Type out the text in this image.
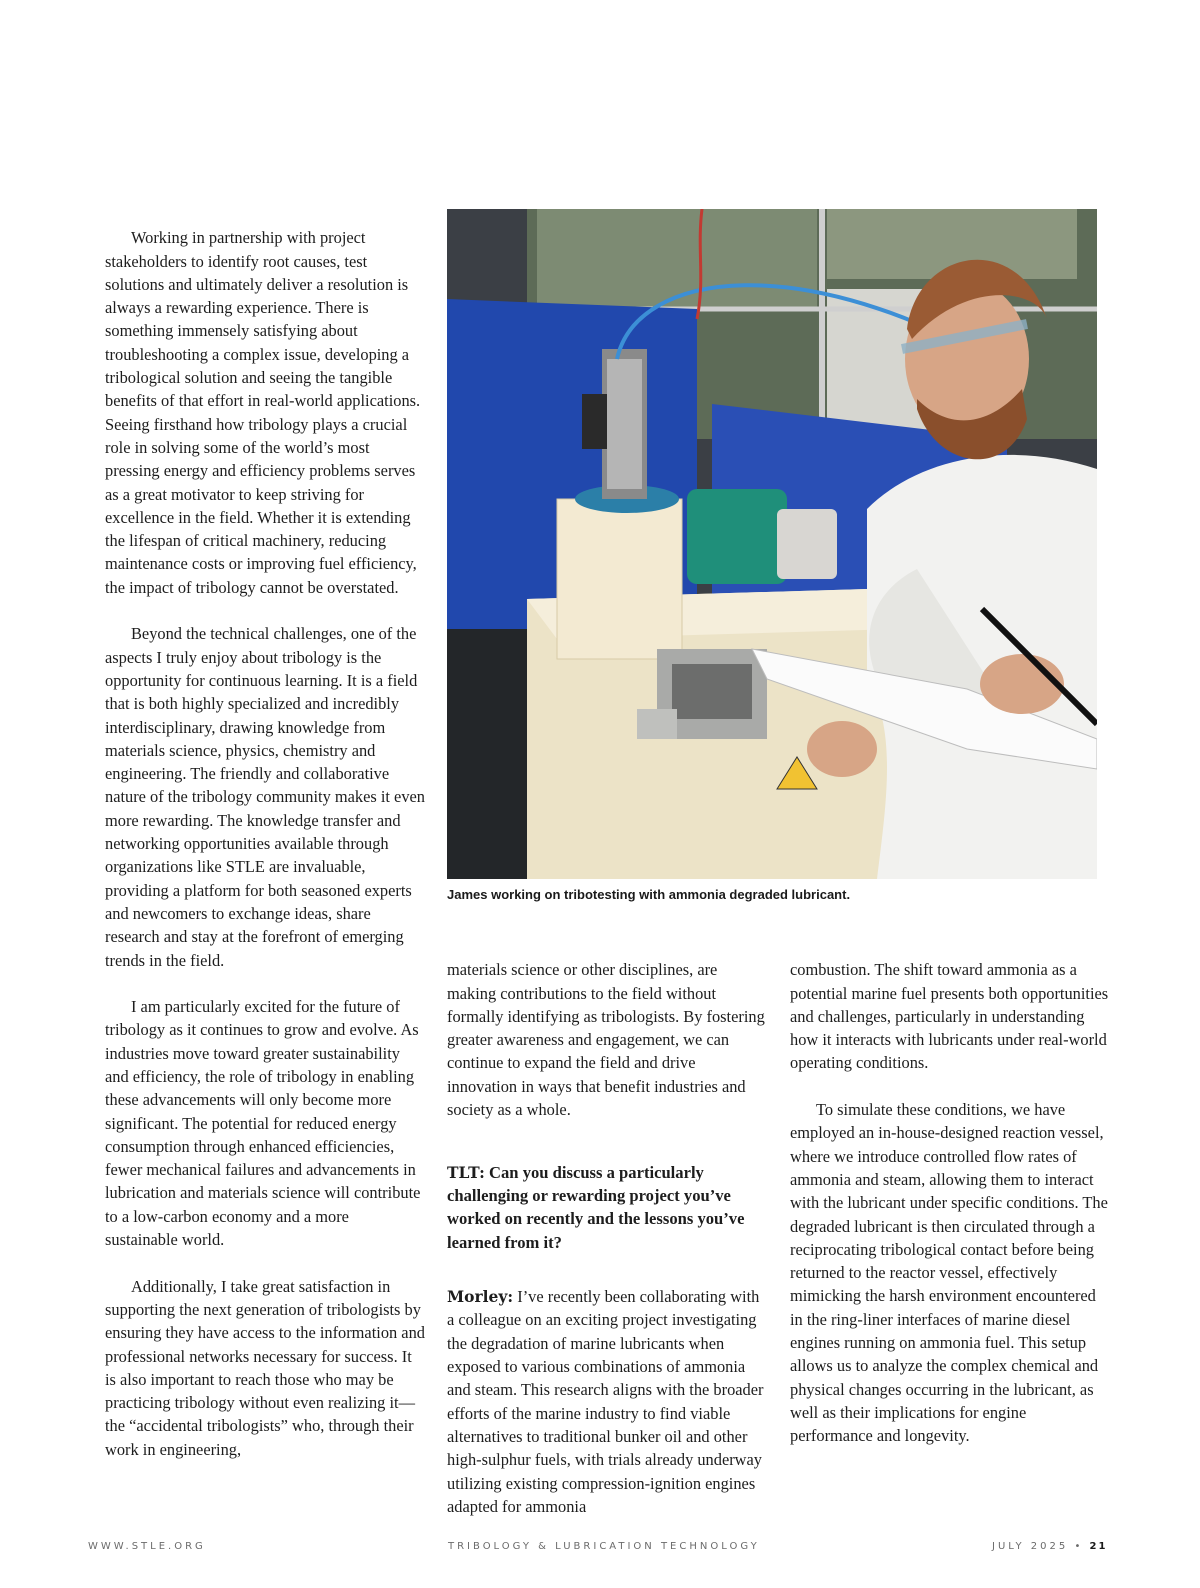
Working in partnership with project stakeholders to identify root causes, test solutions and ultimately deliver a resolution is always a rewarding experience. There is something immensely satisfying about troubleshooting a complex issue, developing a tribological solution and seeing the tangible benefits of that effort in real-world applications. Seeing firsthand how tribology plays a crucial role in solving some of the world’s most pressing energy and efficiency problems serves as a great motivator to keep striving for excellence in the field. Whether it is extending the lifespan of critical machinery, reducing maintenance costs or improving fuel efficiency, the impact of tribology cannot be overstated.

Beyond the technical challenges, one of the aspects I truly enjoy about tribology is the opportunity for continuous learning. It is a field that is both highly specialized and incredibly interdisciplinary, drawing knowledge from materials science, physics, chemistry and engineering. The friendly and collaborative nature of the tribology community makes it even more rewarding. The knowledge transfer and networking opportunities available through organizations like STLE are invaluable, providing a platform for both seasoned experts and newcomers to exchange ideas, share research and stay at the forefront of emerging trends in the field.

I am particularly excited for the future of tribology as it continues to grow and evolve. As industries move toward greater sustainability and efficiency, the role of tribology in enabling these advancements will only become more significant. The potential for reduced energy consumption through enhanced efficiencies, fewer mechanical failures and advancements in lubrication and materials science will contribute to a low-carbon economy and a more sustainable world.

Additionally, I take great satisfaction in supporting the next generation of tribologists by ensuring they have access to the information and professional networks necessary for success. It is also important to reach those who may be practicing tribology without even realizing it—the “accidental tribologists” who, through their work in engineering,

James working on tribotesting with ammonia degraded lubricant.

materials science or other disciplines, are making contributions to the field without formally identifying as tribologists. By fostering greater awareness and engagement, we can continue to expand the field and drive innovation in ways that benefit industries and society as a whole.

TLT: Can you discuss a particularly challenging or rewarding project you’ve worked on recently and the lessons you’ve learned from it?

Morley: I’ve recently been collaborating with a colleague on an exciting project investigating the degradation of marine lubricants when exposed to various combinations of ammonia and steam. This research aligns with the broader efforts of the marine industry to find viable alternatives to traditional bunker oil and other high-sulphur fuels, with trials already underway utilizing existing compression-ignition engines adapted for ammonia

combustion. The shift toward ammonia as a potential marine fuel presents both opportunities and challenges, particularly in understanding how it interacts with lubricants under real-world operating conditions.

To simulate these conditions, we have employed an in-house-designed reaction vessel, where we introduce controlled flow rates of ammonia and steam, allowing them to interact with the lubricant under specific conditions. The degraded lubricant is then circulated through a reciprocating tribological contact before being returned to the reactor vessel, effectively mimicking the harsh environment encountered in the ring-liner interfaces of marine diesel engines running on ammonia fuel. This setup allows us to analyze the complex chemical and physical changes occurring in the lubricant, as well as their implications for engine performance and longevity.

WWW.STLE.ORG	TRIBOLOGY & LUBRICATION TECHNOLOGY	JULY 2025 • 21
